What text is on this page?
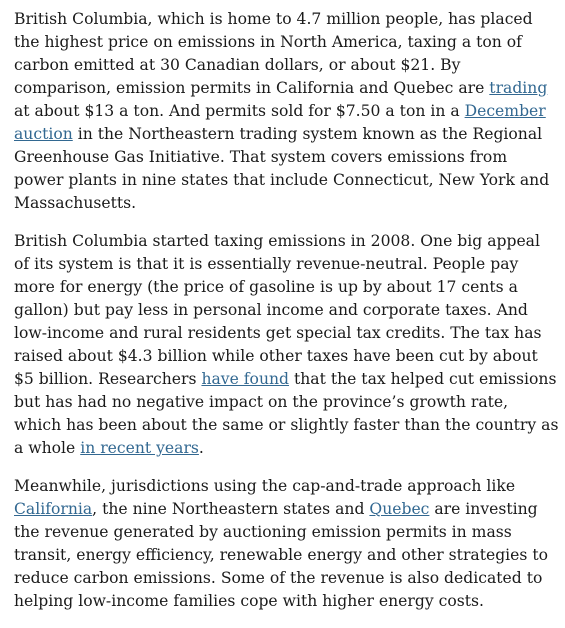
British Columbia, which is home to 4.7 million people, has placed the highest price on emissions in North America, taxing a ton of carbon emitted at 30 Canadian dollars, or about $21. By comparison, emission permits in California and Quebec are trading at about $13 a ton. And permits sold for $7.50 a ton in a December auction in the Northeastern trading system known as the Regional Greenhouse Gas Initiative. That system covers emissions from power plants in nine states that include Connecticut, New York and Massachusetts.

British Columbia started taxing emissions in 2008. One big appeal of its system is that it is essentially revenue-neutral. People pay more for energy (the price of gasoline is up by about 17 cents a gallon) but pay less in personal income and corporate taxes. And low-income and rural residents get special tax credits. The tax has raised about $4.3 billion while other taxes have been cut by about $5 billion. Researchers have found that the tax helped cut emissions but has had no negative impact on the province’s growth rate, which has been about the same or slightly faster than the country as a whole in recent years.

Meanwhile, jurisdictions using the cap-and-trade approach like California, the nine Northeastern states and Quebec are investing the revenue generated by auctioning emission permits in mass transit, energy efficiency, renewable energy and other strategies to reduce carbon emissions. Some of the revenue is also dedicated to helping low-income families cope with higher energy costs.
